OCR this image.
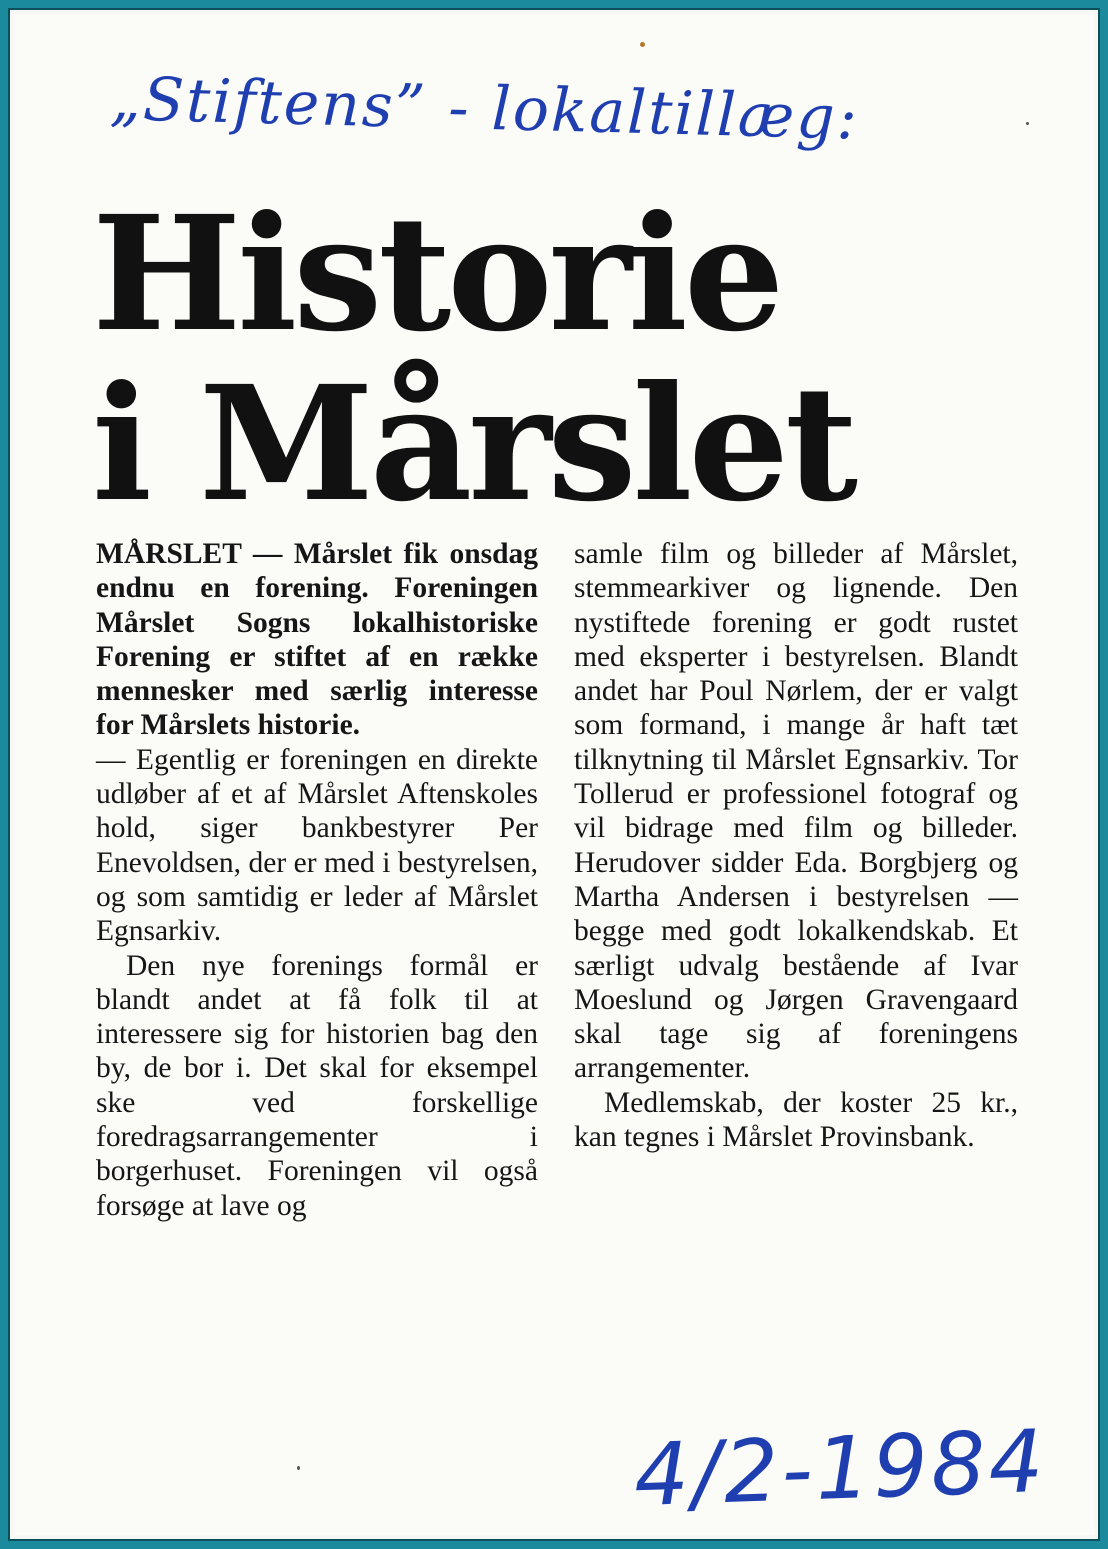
„Stiftens” - lokaltillæg:
Historie
i Mårslet

MÅRSLET — Mårslet fik onsdag endnu en forening. Foreningen Mårslet Sogns lokalhistoriske Forening er stiftet af en række mennesker med særlig interesse for Mårslets historie.

— Egentlig er foreningen en direkte udløber af et af Mårslet Aftenskoles hold, siger bankbestyrer Per Enevoldsen, der er med i bestyrelsen, og som samtidig er leder af Mårslet Egnsarkiv.

Den nye forenings formål er blandt andet at få folk til at interessere sig for historien bag den by, de bor i. Det skal for eksempel ske ved forskellige foredragsarrangementer i borgerhuset. Foreningen vil også forsøge at lave og

samle film og billeder af Mårslet, stemmearkiver og lignende. Den nystiftede forening er godt rustet med eksperter i bestyrelsen. Blandt andet har Poul Nørlem, der er valgt som formand, i mange år haft tæt tilknytning til Mårslet Egnsarkiv. Tor Tollerud er professionel fotograf og vil bidrage med film og billeder. Herudover sidder Eda. Borgbjerg og Martha Andersen i bestyrelsen — begge med godt lokalkendskab. Et særligt udvalg bestående af Ivar Moeslund og Jørgen Gravengaard skal tage sig af foreningens arrangementer.

Medlemskab, der koster 25 kr., kan tegnes i Mårslet Provinsbank.

4/2-1984
